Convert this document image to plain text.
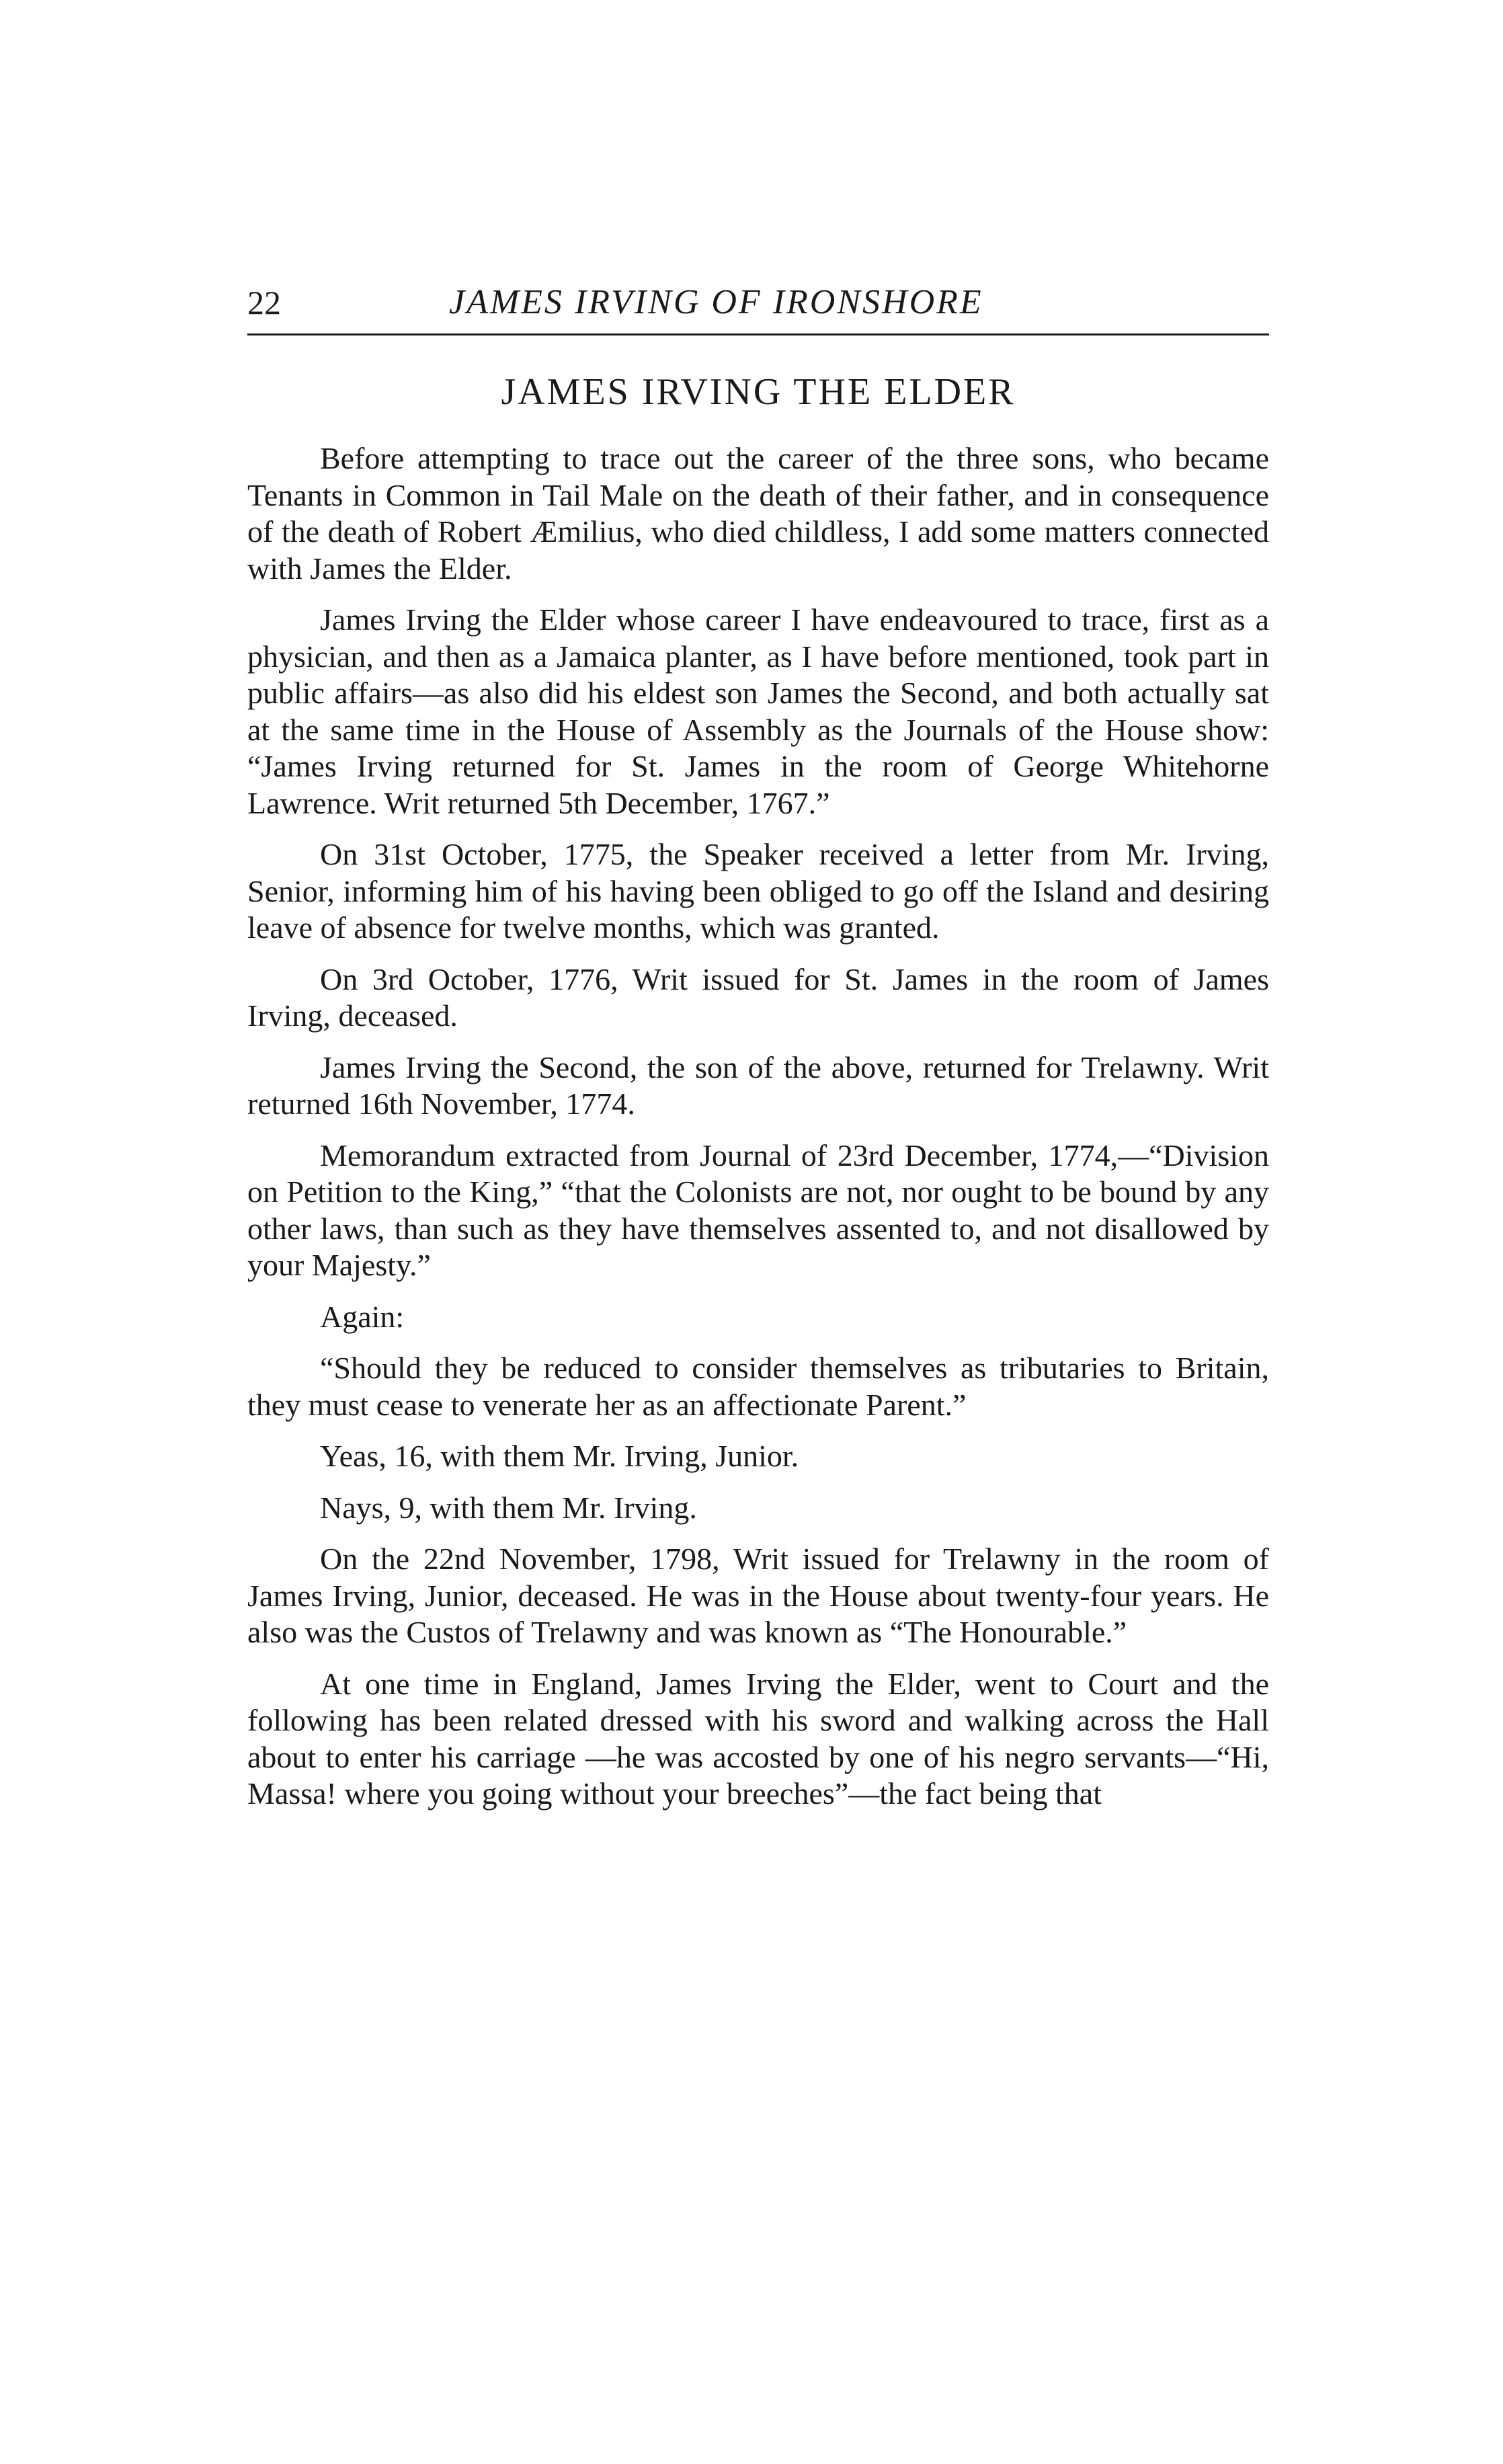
22	JAMES IRVING OF IRONSHORE
JAMES IRVING THE ELDER

Before attempting to trace out the career of the three sons, who became Tenants in Common in Tail Male on the death of their father, and in consequence of the death of Robert Æmilius, who died childless, I add some matters connected with James the Elder.

James Irving the Elder whose career I have endeavoured to trace, first as a physician, and then as a Jamaica planter, as I have before mentioned, took part in public affairs—as also did his eldest son James the Second, and both actually sat at the same time in the House of Assembly as the Journals of the House show: “James Irving returned for St. James in the room of George Whitehorne Lawrence. Writ returned 5th December, 1767.”

On 31st October, 1775, the Speaker received a letter from Mr. Irving, Senior, informing him of his having been obliged to go off the Island and desiring leave of absence for twelve months, which was granted.

On 3rd October, 1776, Writ issued for St. James in the room of James Irving, deceased.

James Irving the Second, the son of the above, returned for Trelawny. Writ returned 16th November, 1774.

Memorandum extracted from Journal of 23rd December, 1774,—“Division on Petition to the King,” “that the Colonists are not, nor ought to be bound by any other laws, than such as they have themselves assented to, and not disallowed by your Majesty.”

Again:

“Should they be reduced to consider themselves as tributaries to Britain, they must cease to venerate her as an affectionate Parent.”

Yeas, 16, with them Mr. Irving, Junior.

Nays, 9, with them Mr. Irving.

On the 22nd November, 1798, Writ issued for Trelawny in the room of James Irving, Junior, deceased. He was in the House about twenty-four years. He also was the Custos of Trelawny and was known as “The Honourable.”

At one time in England, James Irving the Elder, went to Court and the following has been related dressed with his sword and walking across the Hall about to enter his carriage —he was accosted by one of his negro servants—“Hi, Massa! where you going without your breeches”—the fact being that
